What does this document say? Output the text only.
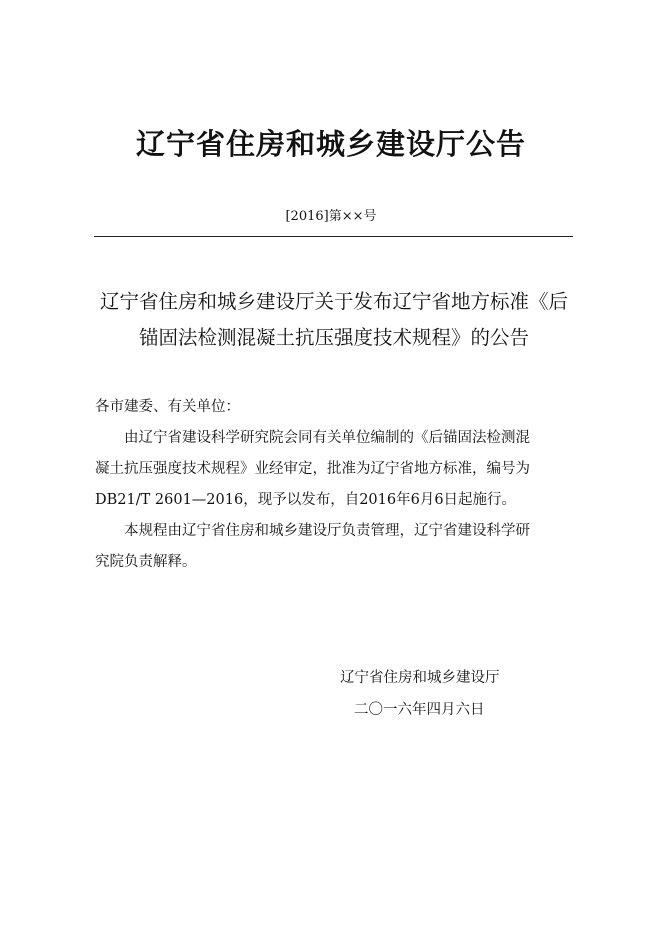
辽宁省住房和城乡建设厅公告
[2016]第××号
辽宁省住房和城乡建设厅关于发布辽宁省地方标准《后
锚固法检测混凝土抗压强度技术规程》的公告
各市建委、有关单位：
由辽宁省建设科学研究院会同有关单位编制的《后锚固法检测混
凝土抗压强度技术规程》业经审定，批准为辽宁省地方标准，编号为
DB21/T 2601—2016，现予以发布，自2016年6月6日起施行。
本规程由辽宁省住房和城乡建设厅负责管理，辽宁省建设科学研
究院负责解释。
辽宁省住房和城乡建设厅
二〇一六年四月六日
